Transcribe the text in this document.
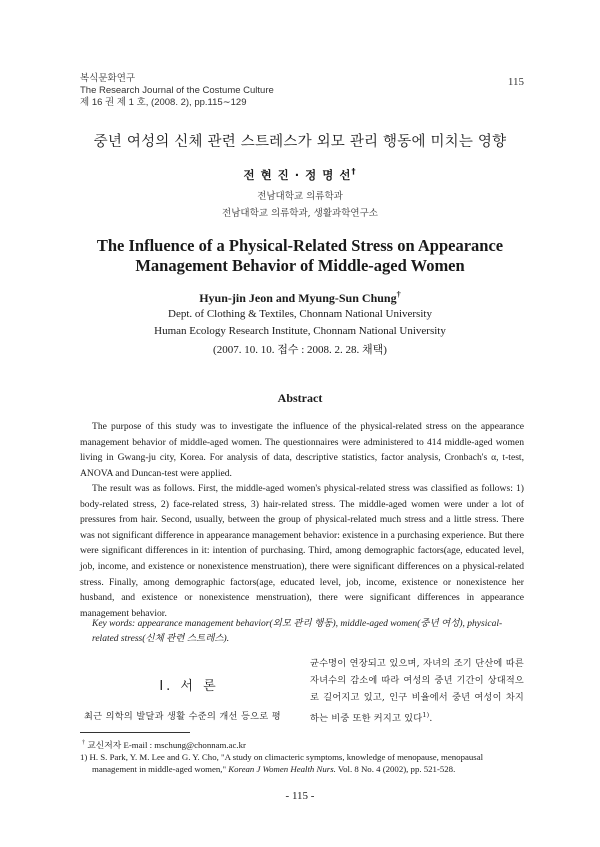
복식문화연구
The Research Journal of the Costume Culture
제 16 권 제 1 호, (2008. 2), pp.115∼129
115
중년 여성의 신체 관련 스트레스가 외모 관리 행동에 미치는 영향
전 현 진 · 정 명 선†
전남대학교 의류학과
전남대학교 의류학과, 생활과학연구소
The Influence of a Physical-Related Stress on Appearance
Management Behavior of Middle-aged Women
Hyun-jin Jeon and Myung-Sun Chung†
Dept. of Clothing & Textiles, Chonnam National University
Human Ecology Research Institute, Chonnam National University
(2007. 10. 10. 접수 : 2008. 2. 28. 채택)
Abstract

The purpose of this study was to investigate the influence of the physical-related stress on the appearance management behavior of middle-aged women. The questionnaires were administered to 414 middle-aged women living in Gwang-ju city, Korea. For analysis of data, descriptive statistics, factor analysis, Cronbach's α, t-test, ANOVA and Duncan-test were applied.

The result was as follows. First, the middle-aged women's physical-related stress was classified as follows: 1) body-related stress, 2) face-related stress, 3) hair-related stress. The middle-aged women were under a lot of pressures from hair. Second, usually, between the group of physical-related much stress and a little stress. There was not significant difference in appearance management behavior: existence in a purchasing experience. But there were significant differences in it: intention of purchasing. Third, among demographic factors(age, educated level, job, income, and existence or nonexistence menstruation), there were significant differences on a physical-related stress. Finally, among demographic factors(age, educated level, job, income, existence or nonexistence her husband, and existence or nonexistence menstruation), there were significant differences in appearance management behavior.

Key words: appearance management behavior(외모 관리 행동), middle-aged women(중년 여성), physical-related stress(신체 관련 스트레스).
Ⅰ. 서 론
최근 의학의 발달과 생활 수준의 개선 등으로 평
균수명이 연장되고 있으며, 자녀의 조기 단산에 따른 자녀수의 감소에 따라 여성의 중년 기간이 상대적으로 길어지고 있고, 인구 비율에서 중년 여성이 차지하는 비중 또한 커지고 있다$^{1)}$.
† 교신저자 E-mail : mschung@chonnam.ac.kr
1) H. S. Park, Y. M. Lee and G. Y. Cho, "A study on climacteric symptoms, knowledge of menopause, menopausal management in middle-aged women," Korean J Women Health Nurs. Vol. 8 No. 4 (2002), pp. 521-528.
- 115 -
